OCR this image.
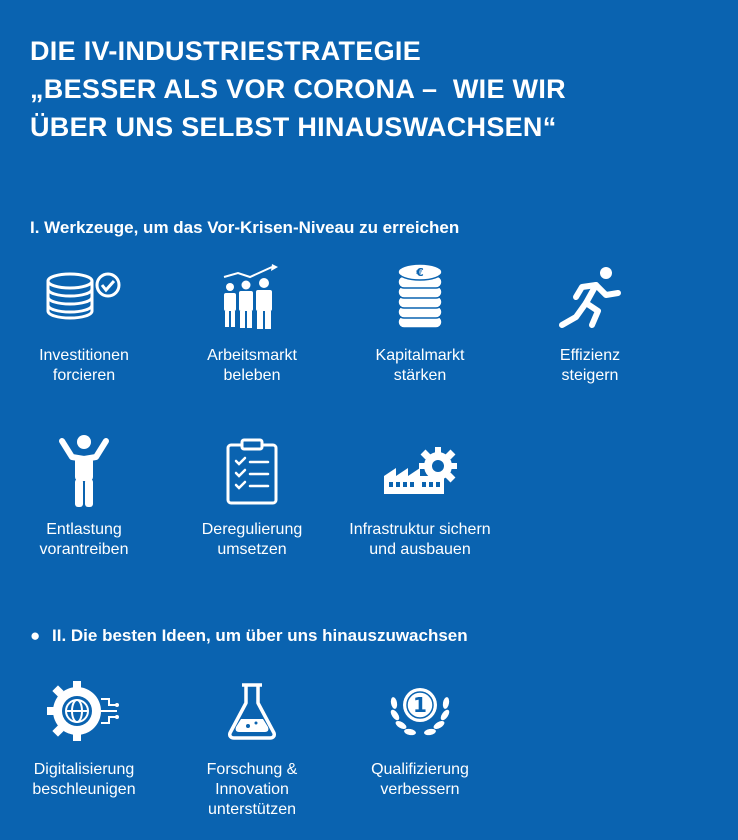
DIE IV-INDUSTRIESTRATEGIE
„BESSER ALS VOR CORONA –  WIE WIR
ÜBER UNS SELBST HINAUSWACHSEN“
I. Werkzeuge, um das Vor-Krisen-Niveau zu erreichen
Investitionen
forcieren
Arbeitsmarkt
beleben
€
Kapitalmarkt
stärken
Effizienz
steigern
Entlastung
vorantreiben
Deregulierung
umsetzen
Infrastruktur sichern
und ausbauen
● II. Die besten Ideen, um über uns hinauszuwachsen
Digitalisierung
beschleunigen
Forschung &
Innovation
unterstützen
1
Qualifizierung
verbessern
